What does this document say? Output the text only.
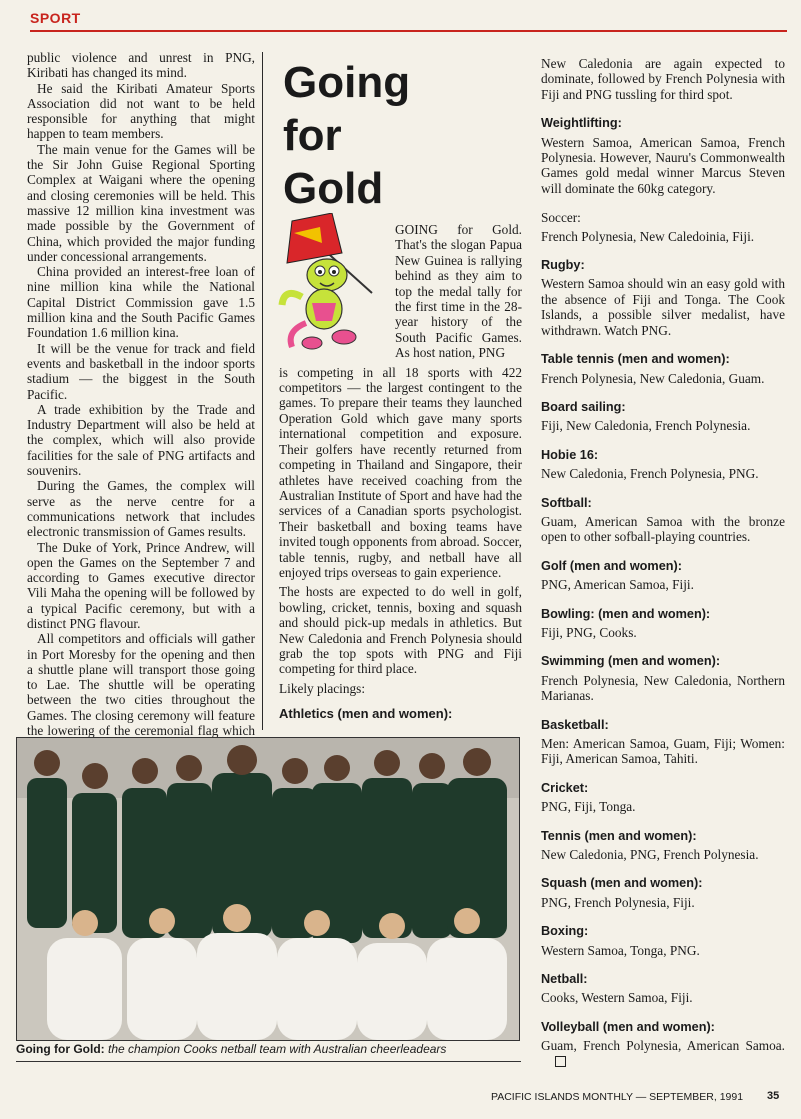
SPORT

public violence and unrest in PNG, Kiribati has changed its mind.

He said the Kiribati Amateur Sports Association did not want to be held responsible for anything that might happen to team members.

The main venue for the Games will be the Sir John Guise Regional Sporting Complex at Waigani where the opening and closing ceremonies will be held. This massive 12 million kina investment was made possible by the Government of China, which provided the major funding under concessional arrangements.

China provided an interest-free loan of nine million kina while the National Capital District Commission gave 1.5 million kina and the South Pacific Games Foundation 1.6 million kina.

It will be the venue for track and field events and basketball in the indoor sports stadium — the biggest in the South Pacific.

A trade exhibition by the Trade and Industry Department will also be held at the complex, which will also provide facilities for the sale of PNG artifacts and souvenirs.

During the Games, the complex will serve as the nerve centre for a communications network that includes electronic transmission of Games results.

The Duke of York, Prince Andrew, will open the Games on the September 7 and according to Games executive director Vili Maha the opening will be followed by a typical Pacific ceremony, but with a distinct PNG flavour.

All competitors and officials will gather in Port Moresby for the opening and then a shuttle plane will transport those going to Lae. The shuttle will be operating between the two cities throughout the Games. The closing ceremony will feature the lowering of the ceremonial flag which

Going
for
Gold

GOING for Gold. That's the slogan Papua New Guinea is rallying behind as they aim to top the medal tally for the first time in the 28-year history of the South Pacific Games. As host nation, PNG

is competing in all 18 sports with 422 competitors — the largest contingent to the games. To prepare their teams they launched Operation Gold which gave many sports international competition and exposure. Their golfers have recently returned from competing in Thailand and Singapore, their athletes have received coaching from the Australian Institute of Sport and have had the services of a Canadian sports psychologist. Their basketball and boxing teams have invited tough opponents from abroad. Soccer, table tennis, rugby, and netball have all enjoyed trips overseas to gain experience.

The hosts are expected to do well in golf, bowling, cricket, tennis, boxing and squash and should pick-up medals in athletics. But New Caledonia and French Polynesia should grab the top spots with PNG and Fiji competing for third place.

Likely placings:

Athletics (men and women):

New Caledonia are again expected to dominate, followed by French Polynesia with Fiji and PNG tussling for third spot.

Weightlifting:

Western Samoa, American Samoa, French Polynesia. However, Nauru's Commonwealth Games gold medal winner Marcus Steven will dominate the 60kg category.

Soccer:

French Polynesia, New Caledoinia, Fiji.

Rugby:

Western Samoa should win an easy gold with the absence of Fiji and Tonga. The Cook Islands, a possible silver medalist, have withdrawn. Watch PNG.

Table tennis (men and women):

French Polynesia, New Caledonia, Guam.

Board sailing:

Fiji, New Caledonia, French Polynesia.

Hobie 16:

New Caledonia, French Polynesia, PNG.

Softball:

Guam, American Samoa with the bronze open to other sofball-playing countries.

Golf (men and women):

PNG, American Samoa, Fiji.

Bowling: (men and women):

Fiji, PNG, Cooks.

Swimming (men and women):

French Polynesia, New Caledonia, Northern Marianas.

Basketball:

Men: American Samoa, Guam, Fiji; Women: Fiji, American Samoa, Tahiti.

Cricket:

PNG, Fiji, Tonga.

Tennis (men and women):

New Caledonia, PNG, French Polynesia.

Squash (men and women):

PNG, French Polynesia, Fiji.

Boxing:

Western Samoa, Tonga, PNG.

Netball:

Cooks, Western Samoa, Fiji.

Volleyball (men and women):

Guam, French Polynesia, American Samoa.

Going for Gold: the champion Cooks netball team with Australian cheerleadears
PACIFIC ISLANDS MONTHLY — SEPTEMBER, 1991 35
